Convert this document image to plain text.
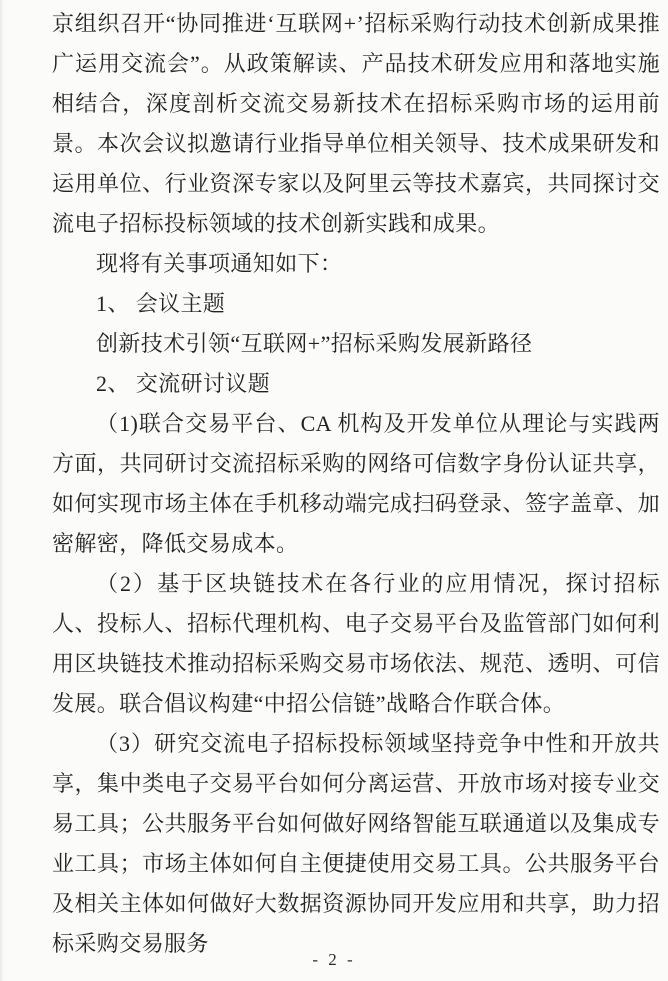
京组织召开“协同推进‘互联网+’招标采购行动技术创新成果推广运用交流会”。从政策解读、产品技术研发应用和落地实施相结合，深度剖析交流交易新技术在招标采购市场的运用前景。本次会议拟邀请行业指导单位相关领导、技术成果研发和运用单位、行业资深专家以及阿里云等技术嘉宾，共同探讨交流电子招标投标领域的技术创新实践和成果。

现将有关事项通知如下：

1、 会议主题

创新技术引领“互联网+”招标采购发展新路径

2、 交流研讨议题

（1)联合交易平台、CA 机构及开发单位从理论与实践两方面，共同研讨交流招标采购的网络可信数字身份认证共享，如何实现市场主体在手机移动端完成扫码登录、签字盖章、加密解密，降低交易成本。

（2）基于区块链技术在各行业的应用情况，探讨招标人、投标人、招标代理机构、电子交易平台及监管部门如何利用区块链技术推动招标采购交易市场依法、规范、透明、可信发展。联合倡议构建“中招公信链”战略合作联合体。

（3）研究交流电子招标投标领域坚持竞争中性和开放共享，集中类电子交易平台如何分离运营、开放市场对接专业交易工具；公共服务平台如何做好网络智能互联通道以及集成专业工具；市场主体如何自主便捷使用交易工具。公共服务平台及相关主体如何做好大数据资源协同开发应用和共享，助力招标采购交易服务

- 2 -
